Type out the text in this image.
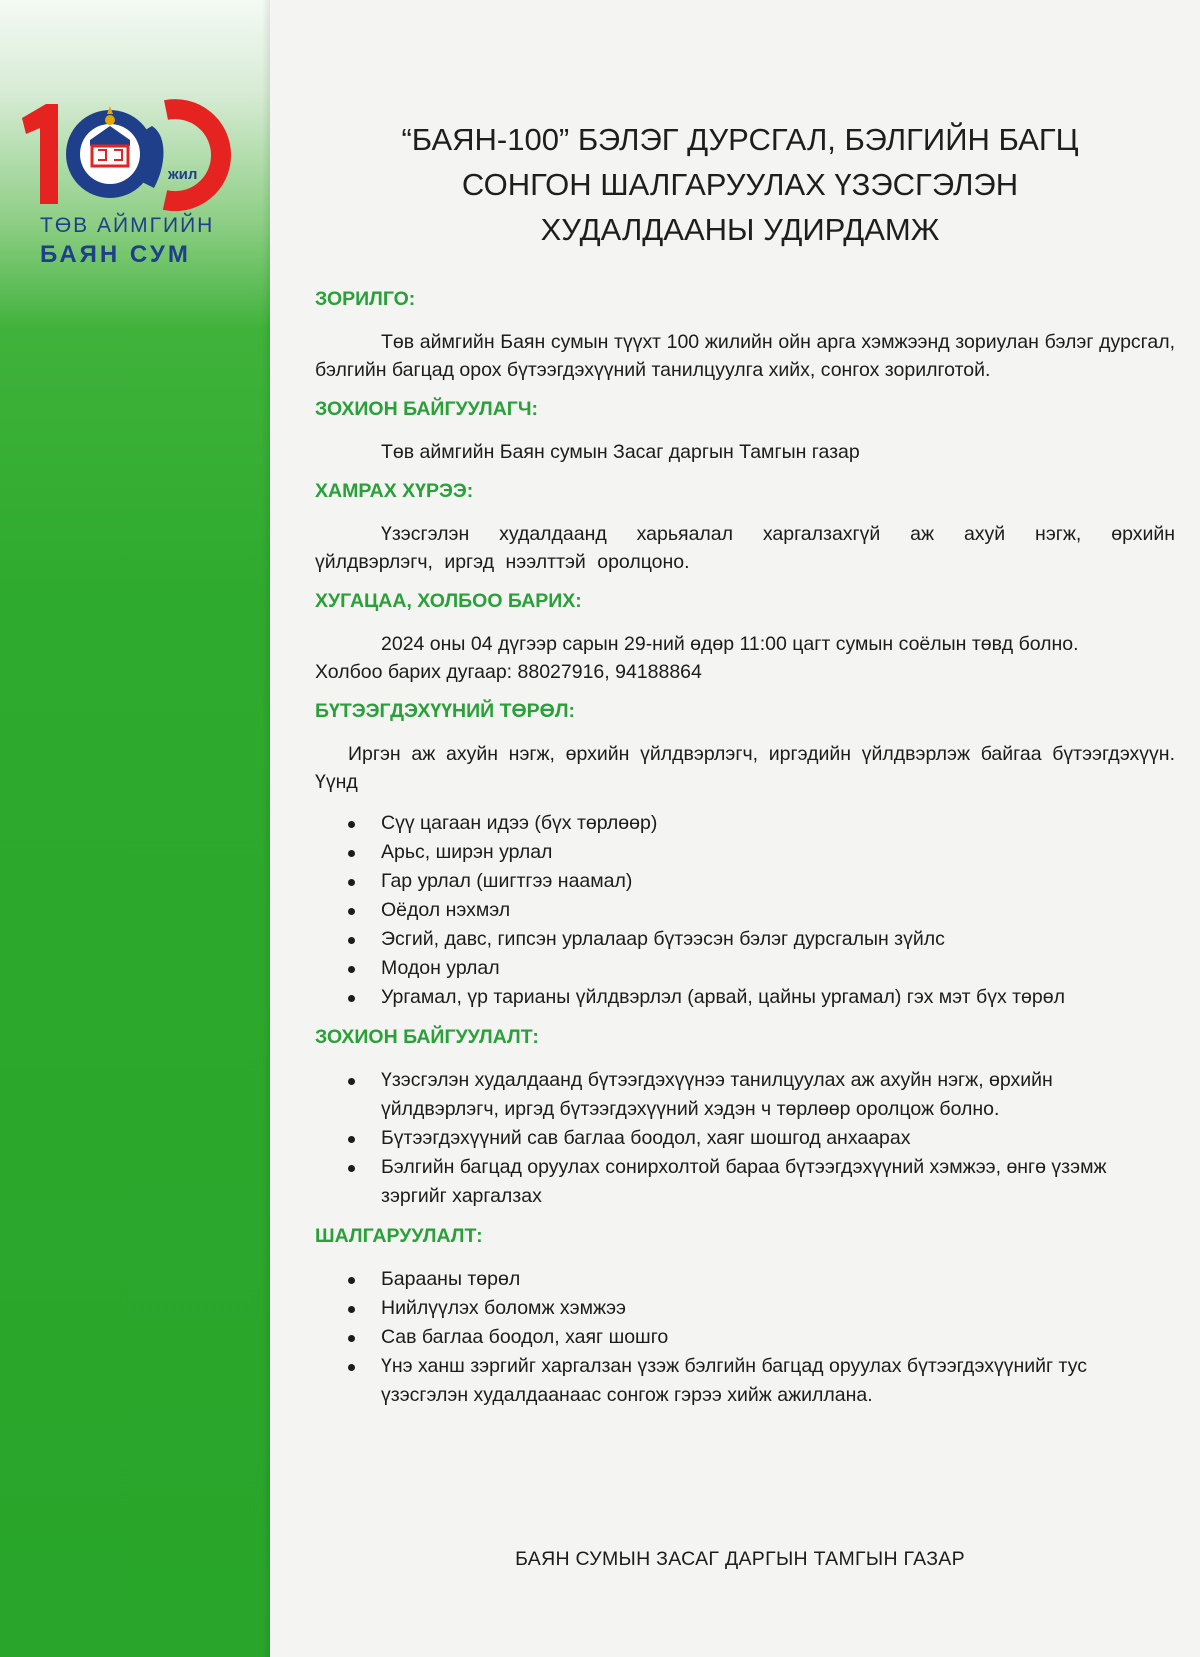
жил
ТӨВ АЙМГИЙН
БАЯН СУМ
“БАЯН-100” БЭЛЭГ ДУРСГАЛ, БЭЛГИЙН БАГЦ
СОНГОН ШАЛГАРУУЛАХ ҮЗЭСГЭЛЭН
ХУДАЛДААНЫ УДИРДАМЖ

ЗОРИЛГО:

Төв аймгийн Баян сумын түүхт 100 жилийн ойн арга хэмжээнд зориулан бэлэг дурсгал, бэлгийн багцад орох бүтээгдэхүүний танилцуулга хийх, сонгох зорилготой.

ЗОХИОН БАЙГУУЛАГЧ:

Төв аймгийн Баян сумын Засаг даргын Тамгын газар

ХАМРАХ ХҮРЭЭ:

Үзэсгэлэн худалдаанд харьяалал харгалзахгүй аж ахуй нэгж, өрхийн үйлдвэрлэгч, иргэд нээлттэй оролцоно.

ХУГАЦАА, ХОЛБОО БАРИХ:

2024 оны 04 дүгээр сарын 29-ний өдөр 11:00 цагт сумын соёлын төвд болно.

Холбоо барих дугаар: 88027916, 94188864

БҮТЭЭГДЭХҮҮНИЙ ТӨРӨЛ:

Иргэн аж ахуйн нэгж, өрхийн үйлдвэрлэгч, иргэдийн үйлдвэрлэж байгаа бүтээгдэхүүн. Үүнд

Сүү цагаан идээ (бүх төрлөөр)
Арьс, ширэн урлал
Гар урлал (шигтгээ наамал)
Оёдол нэхмэл
Эсгий, давс, гипсэн урлалаар бүтээсэн бэлэг дурсгалын зүйлс
Модон урлал
Ургамал, үр тарианы үйлдвэрлэл (арвай, цайны ургамал) гэх мэт бүх төрөл

ЗОХИОН БАЙГУУЛАЛТ:

Үзэсгэлэн худалдаанд бүтээгдэхүүнээ танилцуулах аж ахуйн нэгж, өрхийн үйлдвэрлэгч, иргэд бүтээгдэхүүний хэдэн ч төрлөөр оролцож болно.
Бүтээгдэхүүний сав баглаа боодол, хаяг шошгод анхаарах
Бэлгийн багцад оруулах сонирхолтой бараа бүтээгдэхүүний хэмжээ, өнгө үзэмж зэргийг харгалзах

ШАЛГАРУУЛАЛТ:

Барааны төрөл
Нийлүүлэх боломж хэмжээ
Сав баглаа боодол, хаяг шошго
Үнэ ханш зэргийг харгалзан үзэж бэлгийн багцад оруулах бүтээгдэхүүнийг тус үзэсгэлэн худалдаанаас сонгож гэрээ хийж ажиллана.
БАЯН СУМЫН ЗАСАГ ДАРГЫН ТАМГЫН ГАЗАР
